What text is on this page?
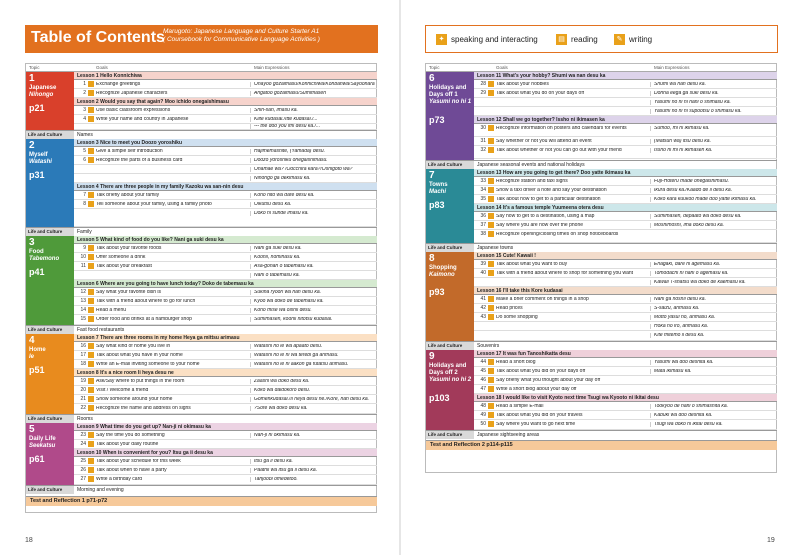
Table of Contents
Marugoto: Japanese Language and Culture Starter A1
( Coursebook for Communicative Language Activities )	✦ speaking and interacting	▤ reading	✎ writing
18	19
Topic	Goals	Main Expressions
1
Japanese
Nihongo
p21
Lesson 1 Hello Konnichiwa
1 Exchange greetings	Ohayoo gozaimasu/Konnichiwa/Konbanwa/Sayoonara
2 Recognize Japanese characters	Arigatoo gozaimasu/Sumimasen
Lesson 2 Would you say that again? Moo ichido onegaishimasu
3 Use basic classroom expressions	Shin-san, imasu ka.
4 Write your name and country in Japanese	Kiite kudasai./Itte kudasai./...
--- the doo you imi desu ka./...
Life and Culture	Names
2
Myself
Watashi
p31
Lesson 3 Nice to meet you Doozo yoroshiku
5 Give a simple self introduction	Hajimemashite, (Yamada) desu.
6 Recognize the parts of a business card	Doozo yoroshiku onegaishimasu.
Onamae wa? /Oocchira kara?/Oshigoto wa?
Nihongo ga dekimasu ka.
Lesson 4 There are three people in my family Kazoku wa san-nin desu
7 Talk briefly about your family	Kono hito wa dare desu ka.
8 Tell someone about your family, using a family photo	Oikutsu desu ka.
Doko ni sunde imasu ka.
Life and Culture	Family
3
Food
Tabemono
p41
Lesson 5 What kind of food do you like? Nani ga suki desu ka
9 Talk about your favorite foods	Nani ga suki desu ka.
10 Offer someone a drink	Koohii, nominasu ka.
11 Talk about your breakfast	Asa-gohan o tabemasu ka.
Nani o tabemasu ka.
Lesson 6 Where are you going to have lunch today? Doko de tabemasu ka
12 Say what your favorite dish is	Sukina ryoori wa nan desu ka.
13 Talk with a friend about where to go for lunch	Kyoo wa doko de tabemasu ka.
14 Read a menu	Kono mise wa oishii desu.
15 Order food and drinks at a hamburger shop	Sumimasen, koohii hitotsu kudasai.
Life and Culture	Fast food restaurants
4
Home
Ie
p51
Lesson 7 There are three rooms in my home Heya ga mittsu arimasu
16 Say what kind of home you live in	Watashi no ie wa apaato desu.
17 Talk about what you have in your home	Watashi no ie ni wa terebi ga arimasu.
18 Write an E-mail inviting someone to your home	Watashi no ie ni aakon ga futatsu arimasu.
Lesson 8 It's a nice room Ii heya desu ne
19 Ask/Say where to put things in the room	Zaashi wa doko desu ka.
20 Visit / Welcome a friend	Koko wa daidokoro desu.
21 Show someone around your home	Gomenkudasai./Ii heya desu ne./Kore, nan desu ka.
22 Recognize the name and address on signs	?Sore wa doko desu ka.
Life and Culture	Rooms
5
Daily Life
Seekatsu
p61
Lesson 9 What time do you get up? Nan-ji ni okimasu ka
23 Say the time you do something	Nan-ji ni okimasu ka.
24 Talk about your daily routine
Lesson 10 When is convenient for you? Itsu ga ii desu ka
25 Talk about your schedule for this week	Itsu ga ii desu ka.
26 Talk about when to have a party	Paathii wa itsu ga ii desu ka.
27 Write a birthday card	Tanjoobi omedetoo.
Life and Culture	Morning and evening
Test and Reflection 1 p71-p72
Topic	Goals	Main Expressions
6
Holidays and Days off 1
Yasumi no hi 1
p73
Lesson 11 What's your hobby? Shumi wa nan desu ka
28 Talk about your hobbies	Shumi wa nan desu ka.
29 Talk about what you do on your days off	Donna eega ga suki desu ka.
Yasumi no hi ni nani o shimasu ka.
Yasumi no hi ni supootsu o shimasu ka.
Lesson 12 Shall we go together? Issho ni ikimasen ka
30 Recognize information on posters and calendars for events	Sumoo, mi ni ikimasu ka.
31 Say whether or not you will attend an event	(Matsuri wa) itsu desu ka.
32 Talk about whether or not you can go out with your friend	Issho ni mi ni ikimasen ka.
Life and Culture	Japanese seasonal events and national holidays
7
Towns
Machi
p83
Lesson 13 How are you going to get there? Doo yatte ikimasu ka
33 Recognize station and taxi signs	Fuji-Hoteru made onegaishimasu.
34 Show a taxi driver a note and say your destination	Ikura desu ka./Kaado de ii desu ka.
35 Talk about how to get to a particular destination	Koko kara kuukoo made doo yatte ikimasu ka.
Lesson 14 It's a famous temple Yuumeena otera desu
36 Say how to get to a destination, using a map	Sumimasen, depaato wa doko desu ka.
37 Say where you are now over the phone	Moshimoshi, ima doko desu ka.
38 Recognize opening/closing times on shop noticeboards
Life and Culture	Japanese towns
8
Shopping
Kaimono
p93
Lesson 15 Cute! Kawaii !
39 Talk about what you want to buy	Ehagaki, dare ni agemasu ka.
40 Talk with a friend about where to shop for something you want	Tomodachi ni nani o agemasu ka.
Kawaii T-shatsu wa doko de kaemasu ka.
Lesson 16 I'll take this Kore kudasai
41 Make a brief comment on things in a shop	Nani ga hoshii desu ka.
42 Read prices	S-saizu, arimasu ka.
43 Do some shopping	Motto yasui no, arimasu ka.
Hoka no iro, arimasu ka.
Kite mitemo ii desu ka.
Life and Culture	Souvenirs
9
Holidays and Days off 2
Yasumi no hi 2
p103
Lesson 17 It was fun Tanoshikatta desu
44 Read a short blog	Yasumi wa doo deshita ka.
45 Talk about what you did on your days off	Mata ikimasu ka.
46 Say briefly what you thought about your day off
47 Write a short blog about your day off
Lesson 18 I would like to visit Kyoto next time Tsugi wa Kyooto ni ikitai desu
48 Read a simple E-mail	Tookyoo de nani o shimashita ka.
49 Talk about what you did on your travels	Kabuki wa doo deshita ka.
50 Say where you want to go next time	Tsugi wa doko ni ikitai desu ka.
Life and Culture	Japanese sightseeing areas
Test and Reflection 2 p114-p115
